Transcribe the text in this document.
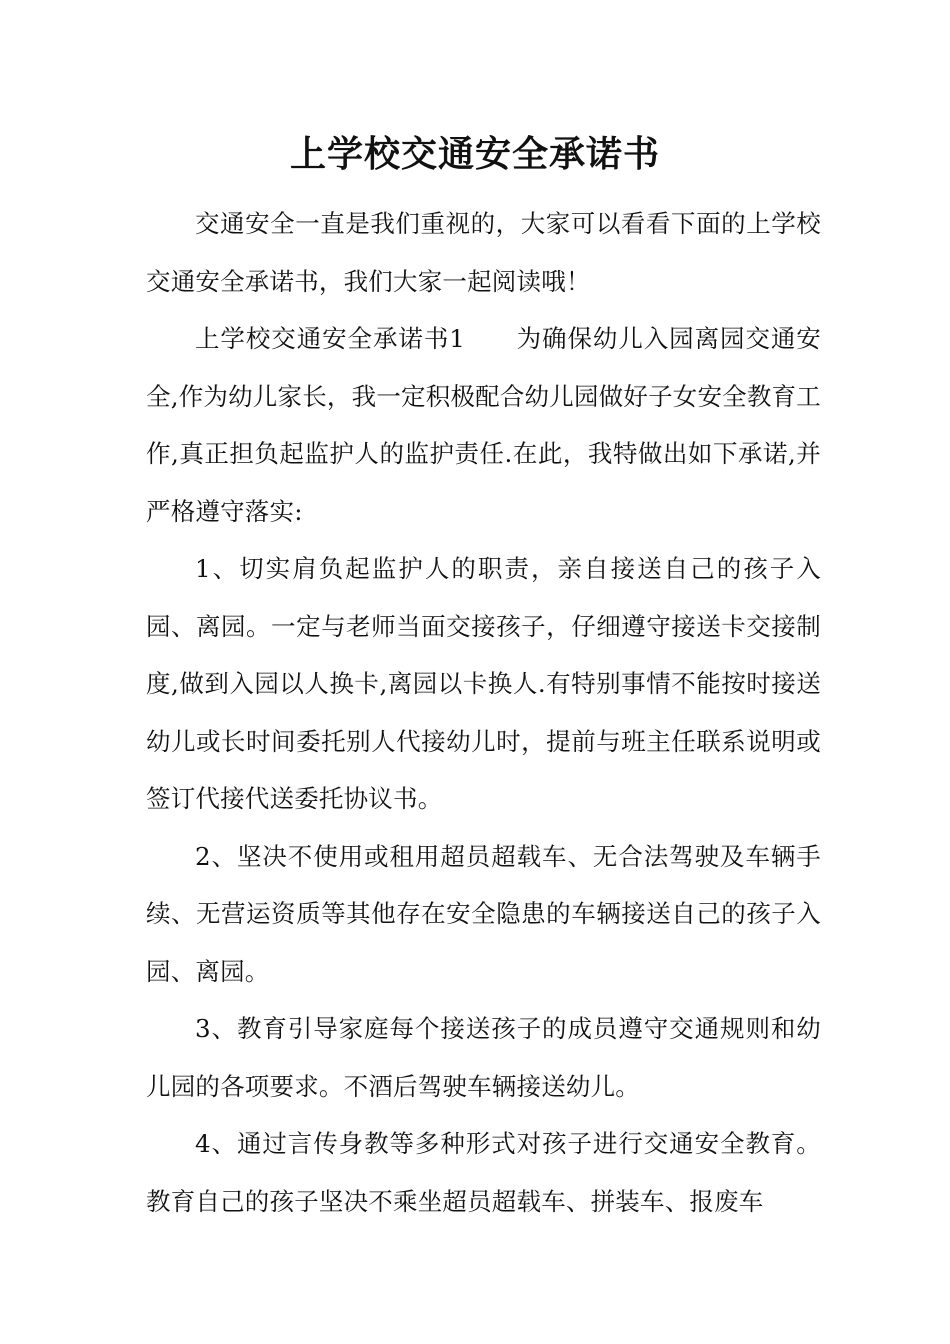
上学校交通安全承诺书

交通安全一直是我们重视的，大家可以看看下面的上学校交通安全承诺书，我们大家一起阅读哦！

上学校交通安全承诺书1　　为确保幼儿入园离园交通安全,作为幼儿家长，我一定积极配合幼儿园做好子女安全教育工作,真正担负起监护人的监护责任.在此，我特做出如下承诺,并严格遵守落实:

1、切实肩负起监护人的职责，亲自接送自己的孩子入园、离园。一定与老师当面交接孩子，仔细遵守接送卡交接制度,做到入园以人换卡,离园以卡换人.有特别事情不能按时接送幼儿或长时间委托别人代接幼儿时，提前与班主任联系说明或签订代接代送委托协议书。

2、坚决不使用或租用超员超载车、无合法驾驶及车辆手续、无营运资质等其他存在安全隐患的车辆接送自己的孩子入园、离园。

3、教育引导家庭每个接送孩子的成员遵守交通规则和幼儿园的各项要求。不酒后驾驶车辆接送幼儿。

4、通过言传身教等多种形式对孩子进行交通安全教育。教育自己的孩子坚决不乘坐超员超载车、拼装车、报废车
